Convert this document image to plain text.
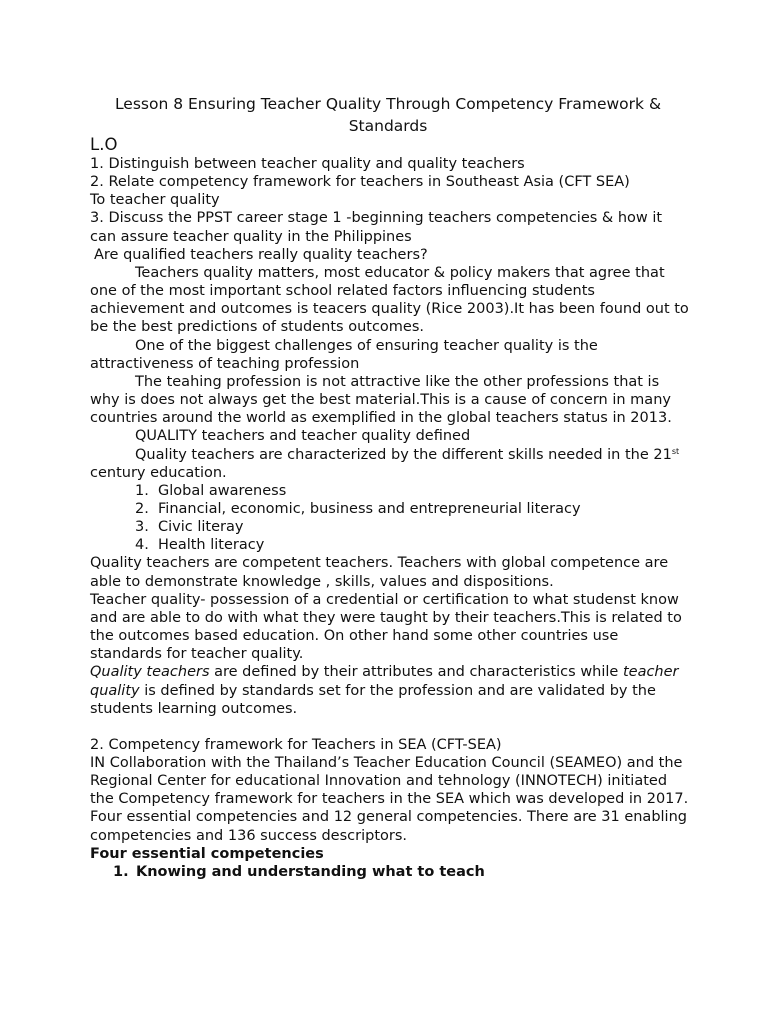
Lesson 8 Ensuring Teacher Quality Through Competency Framework & Standards

L.O

1. Distinguish between teacher quality and quality teachers

2. Relate competency framework for teachers in Southeast Asia (CFT SEA)

To teacher quality

3. Discuss the PPST career stage 1 -beginning teachers competencies & how it can assure teacher quality in the Philippines

Are qualified teachers really quality teachers?

Teachers quality matters, most educator & policy makers that agree that one of the most important school related factors influencing students achievement and outcomes is teacers quality (Rice 2003).It has been found out to be the best predictions of students outcomes.

One of the biggest challenges of ensuring teacher quality is the attractiveness of teaching profession

The teahing profession is not attractive like the other professions that is why is does not always get the best material.This is a cause of concern in many countries around the world as exemplified in the global teachers status in 2013.

QUALITY teachers and teacher quality defined

Quality teachers are characterized by the different skills needed in the 21st century education.

1. Global awareness
2. Financial, economic, business and entrepreneurial literacy
3. Civic literay
4. Health literacy

Quality teachers are competent teachers. Teachers with global competence are able to demonstrate knowledge , skills, values and dispositions.

Teacher quality- possession of a credential or certification to what studenst know and are able to do with what they were taught by their teachers.This is related to the outcomes based education. On other hand some other countries use standards for teacher quality.

Quality teachers are defined by their attributes and characteristics while teacher quality is defined by standards set for the profession and are validated by the students learning outcomes.

2. Competency framework for Teachers in SEA (CFT-SEA)

IN Collaboration with the Thailand’s Teacher Education Council (SEAMEO) and the Regional Center for educational Innovation and tehnology (INNOTECH) initiated the Competency framework for teachers in the SEA which was developed in 2017.

Four essential competencies and 12 general competencies. There are 31 enabling competencies and 136 success descriptors.

Four essential competencies

1. Knowing and understanding what to teach
